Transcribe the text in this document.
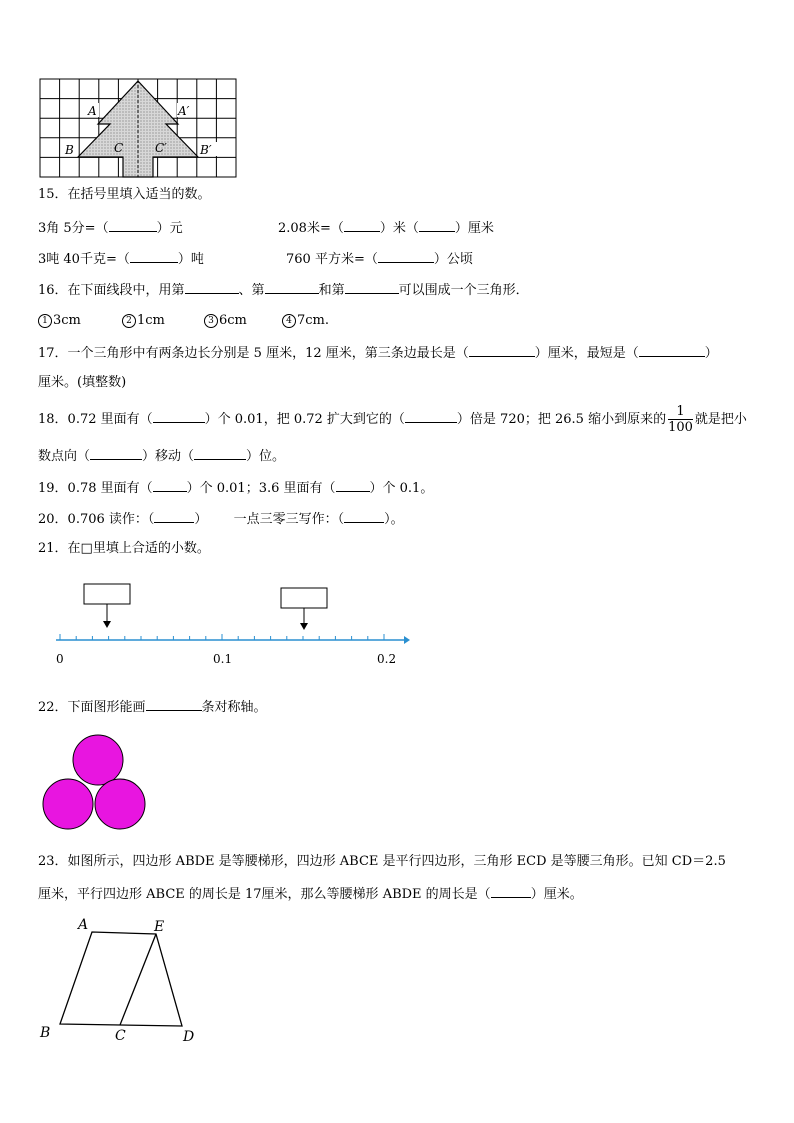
A	A′
B	B′
C	C′
15．在括号里填入适当的数。
3角 5分=（	）元	2.08米=（	）米（	）厘米
3吨 40千克=（	）吨	760 平方米=（	）公顷
16．在下面线段中，用第	、第	和第	可以围成一个三角形．
1 3cm	2 1cm	3 6cm	4 7cm.
17．一个三角形中有两条边长分别是 5 厘米，12 厘米，第三条边最长是（	）厘米，最短是（	）
厘米。(填整数)
18．0.72 里面有（	）个 0.01，把 0.72 扩大到它的（	）倍是 720；把 26.5 缩小到原来的 $\frac{1}{100}$ 就是把小
数点向（	）移动（	）位。
19．0.78 里面有（	）个 0.01；3.6 里面有（	）个 0.1。
20．0.706 读作：（	） 一点三零三写作：（	）。
21．在□里填上合适的小数。
0	0.1	0.2
22．下面图形能画	条对称轴。
23．如图所示，四边形 ABDE 是等腰梯形，四边形 ABCE 是平行四边形，三角形 ECD 是等腰三角形。已知 CD＝2.5
厘米，平行四边形 ABCE 的周长是 17厘米，那么等腰梯形 ABDE 的周长是（	）厘米。
A	E
B	C	D
